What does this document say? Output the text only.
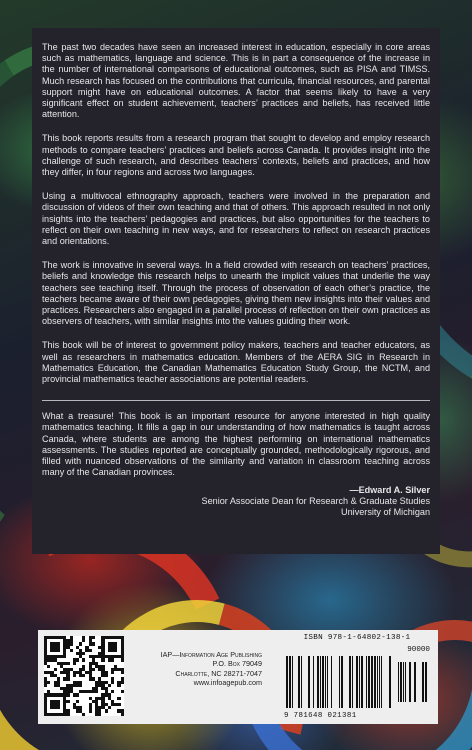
The past two decades have seen an increased interest in education, especially in core areas such as mathematics, language and science. This is in part a consequence of the increase in the number of international comparisons of educational outcomes, such as PISA and TIMSS. Much research has focused on the contributions that curricula, financial resources, and parental support might have on educational outcomes. A factor that seems likely to have a very significant effect on student achievement, teachers’ practices and beliefs, has received little attention.

This book reports results from a research program that sought to develop and employ research methods to compare teachers’ practices and beliefs across Canada. It provides insight into the challenge of such research, and describes teachers’ contexts, beliefs and practices, and how they differ, in four regions and across two languages.

Using a multivocal ethnography approach, teachers were involved in the preparation and discussion of videos of their own teaching and that of others. This approach resulted in not only insights into the teachers’ pedagogies and practices, but also opportunities for the teachers to reflect on their own teaching in new ways, and for researchers to reflect on research practices and orientations.

The work is innovative in several ways. In a field crowded with research on teachers’ practices, beliefs and knowledge this research helps to unearth the implicit values that underlie the way teachers see teaching itself. Through the process of observation of each other’s practice, the teachers became aware of their own pedagogies, giving them new insights into their values and practices. Researchers also engaged in a parallel process of reflection on their own practices as observers of teachers, with similar insights into the values guiding their work.

This book will be of interest to government policy makers, teachers and teacher educators, as well as researchers in mathematics education. Members of the AERA SIG in Research in Mathematics Education, the Canadian Mathematics Education Study Group, the NCTM, and provincial mathematics teacher associations are potential readers.

What a treasure! This book is an important resource for anyone interested in high quality mathematics teaching. It fills a gap in our understanding of how mathematics is taught across Canada, where students are among the highest performing on international mathematics assessments. The studies reported are conceptually grounded, methodologically rigorous, and filled with nuanced observations of the similarity and variation in classroom teaching across many of the Canadian provinces.

—Edward A. Silver
Senior Associate Dean for Research & Graduate Studies
University of Michigan
IAP—Information Age Publishing
P.O. Box 79049
Charlotte, NC 28271-7047
www.infoagepub.com
ISBN 978-1-64802-138-1
90000
9 781648 021381
